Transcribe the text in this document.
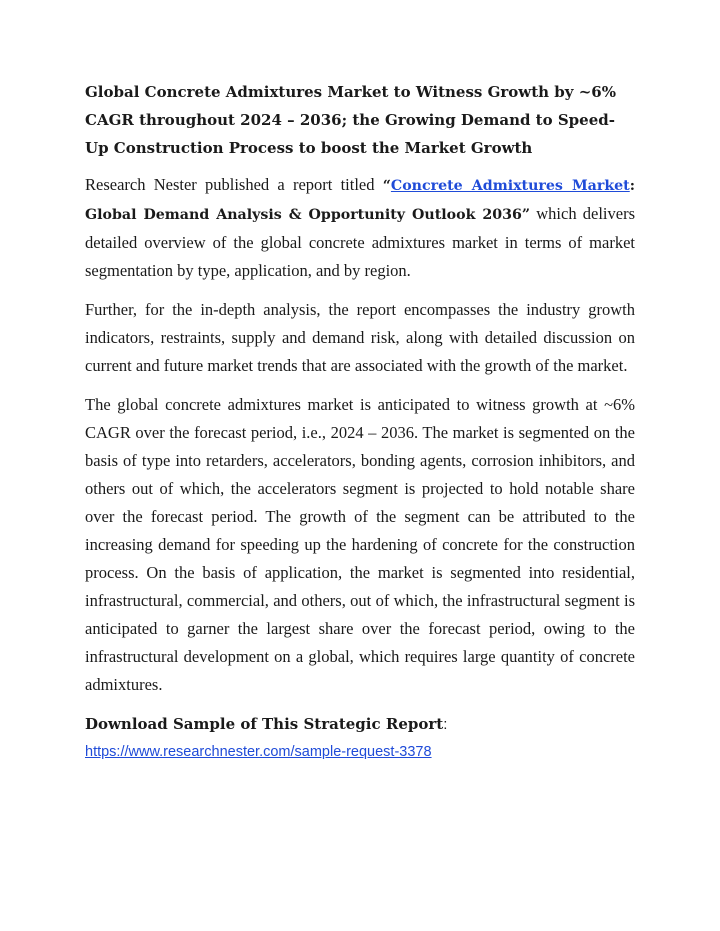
Global Concrete Admixtures Market to Witness Growth by ~6% CAGR throughout 2024 – 2036; the Growing Demand to Speed-Up Construction Process to boost the Market Growth

Research Nester published a report titled “Concrete Admixtures Market: Global Demand Analysis & Opportunity Outlook 2036” which delivers detailed overview of the global concrete admixtures market in terms of market segmentation by type, application, and by region.

Further, for the in-depth analysis, the report encompasses the industry growth indicators, restraints, supply and demand risk, along with detailed discussion on current and future market trends that are associated with the growth of the market.

The global concrete admixtures market is anticipated to witness growth at ~6% CAGR over the forecast period, i.e., 2024 – 2036. The market is segmented on the basis of type into retarders, accelerators, bonding agents, corrosion inhibitors, and others out of which, the accelerators segment is projected to hold notable share over the forecast period. The growth of the segment can be attributed to the increasing demand for speeding up the hardening of concrete for the construction process. On the basis of application, the market is segmented into residential, infrastructural, commercial, and others, out of which, the infrastructural segment is anticipated to garner the largest share over the forecast period, owing to the infrastructural development on a global, which requires large quantity of concrete admixtures.

Download Sample of This Strategic Report:
https://www.researchnester.com/sample-request-3378
